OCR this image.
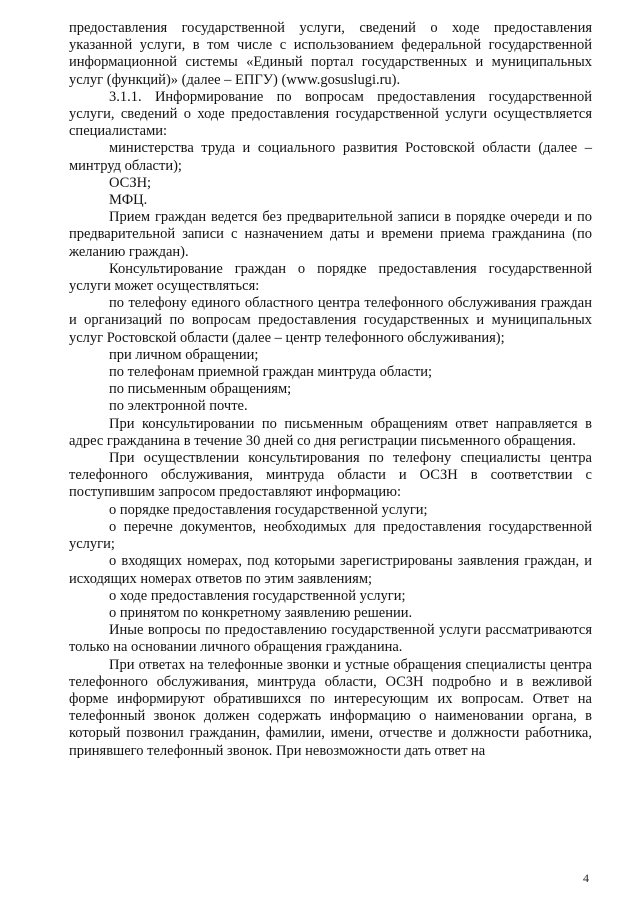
предоставления государственной услуги, сведений о ходе предоставления указанной услуги, в том числе с использованием федеральной государственной информационной системы «Единый портал государственных и муниципальных услуг (функций)» (далее – ЕПГУ) (www.gosuslugi.ru).

3.1.1. Информирование по вопросам предоставления государственной услуги, сведений о ходе предоставления государственной услуги осуществляется специалистами:

министерства труда и социального развития Ростовской области (далее – минтруд области);

ОСЗН;

МФЦ.

Прием граждан ведется без предварительной записи в порядке очереди и по предварительной записи с назначением даты и времени приема гражданина (по желанию граждан).

Консультирование граждан о порядке предоставления государственной услуги может осуществляться:

по телефону единого областного центра телефонного обслуживания граждан и организаций по вопросам предоставления государственных и муниципальных услуг Ростовской области (далее – центр телефонного обслуживания);

при личном обращении;

по телефонам приемной граждан минтруда области;

по письменным обращениям;

по электронной почте.

При консультировании по письменным обращениям ответ направляется в адрес гражданина в течение 30 дней со дня регистрации письменного обращения.

При осуществлении консультирования по телефону специалисты центра телефонного обслуживания, минтруда области и ОСЗН в соответствии с поступившим запросом предоставляют информацию:

о порядке предоставления государственной услуги;

о перечне документов, необходимых для предоставления государственной услуги;

о входящих номерах, под которыми зарегистрированы заявления граждан, и исходящих номерах ответов по этим заявлениям;

о ходе предоставления государственной услуги;

о принятом по конкретному заявлению решении.

Иные вопросы по предоставлению государственной услуги рассматриваются только на основании личного обращения гражданина.

При ответах на телефонные звонки и устные обращения специалисты центра телефонного обслуживания, минтруда области, ОСЗН подробно и в вежливой форме информируют обратившихся по интересующим их вопросам. Ответ на телефонный звонок должен содержать информацию о наименовании органа, в который позвонил гражданин, фамилии, имени, отчестве и должности работника, принявшего телефонный звонок. При невозможности дать ответ на

4
